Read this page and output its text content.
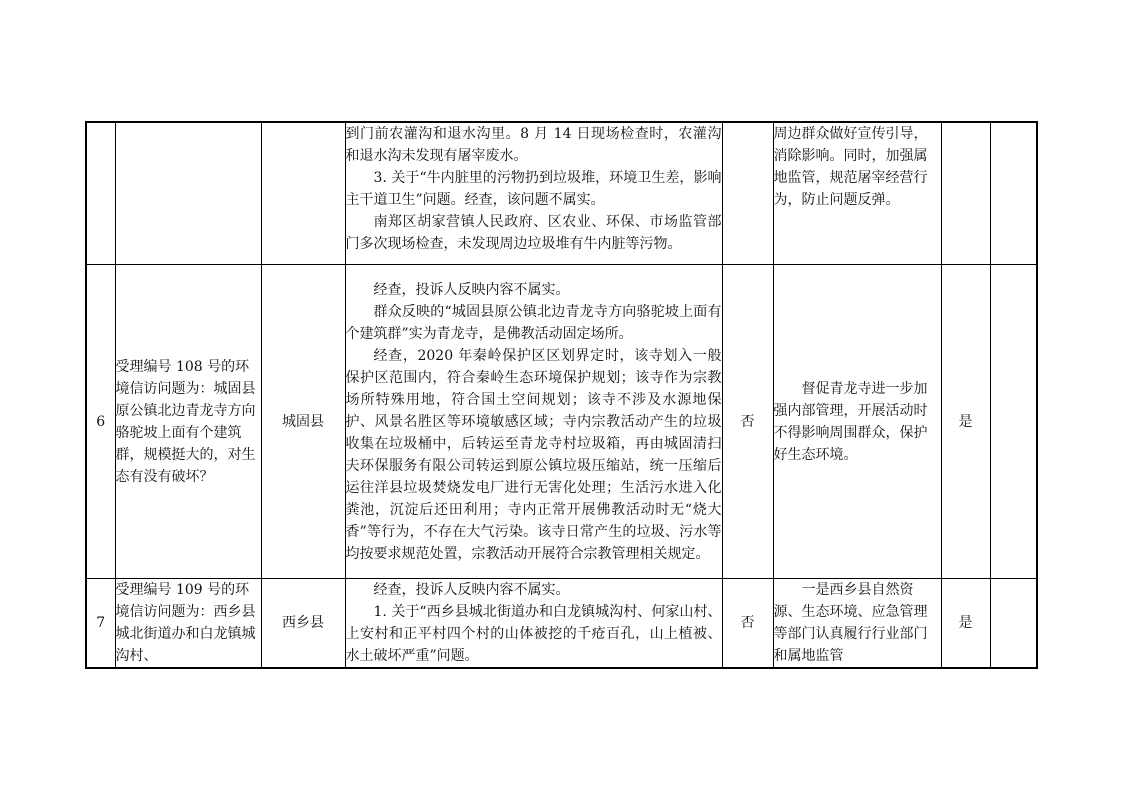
			到门前农灌沟和退水沟里。8 月 14 日现场检查时，农灌沟和退水沟未发现有屠宰废水。

3. 关于“牛内脏里的污物扔到垃圾堆，环境卫生差，影响主干道卫生”问题。经查，该问题不属实。

南郑区胡家营镇人民政府、区农业、环保、市场监管部门多次现场检查，未发现周边垃圾堆有牛内脏等污物。		周边群众做好宣传引导，消除影响。同时，加强属地监管，规范屠宰经营行为，防止问题反弹。		
6	受理编号 108 号的环境信访问题为：城固县原公镇北边青龙寺方向骆驼坡上面有个建筑群，规模挺大的，对生态有没有破坏？	城固县	经查，投诉人反映内容不属实。

群众反映的“城固县原公镇北边青龙寺方向骆驼坡上面有个建筑群”实为青龙寺，是佛教活动固定场所。

经查，2020 年秦岭保护区区划界定时，该寺划入一般保护区范围内，符合秦岭生态环境保护规划；该寺作为宗教场所特殊用地，符合国土空间规划；该寺不涉及水源地保护、风景名胜区等环境敏感区域；寺内宗教活动产生的垃圾收集在垃圾桶中，后转运至青龙寺村垃圾箱，再由城固清扫夫环保服务有限公司转运到原公镇垃圾压缩站，统一压缩后运往洋县垃圾焚烧发电厂进行无害化处理；生活污水进入化粪池，沉淀后还田利用；寺内正常开展佛教活动时无“烧大香”等行为，不存在大气污染。该寺日常产生的垃圾、污水等均按要求规范处置，宗教活动开展符合宗教管理相关规定。	否	督促青龙寺进一步加强内部管理，开展活动时不得影响周围群众，保护好生态环境。	是	
7	受理编号 109 号的环境信访问题为：西乡县城北街道办和白龙镇城沟村、	西乡县	经查，投诉人反映内容不属实。

1. 关于“西乡县城北街道办和白龙镇城沟村、何家山村、上安村和正平村四个村的山体被挖的千疮百孔，山上植被、水土破坏严重”问题。	否	一是西乡县自然资源、生态环境、应急管理等部门认真履行行业部门和属地监管	是	
